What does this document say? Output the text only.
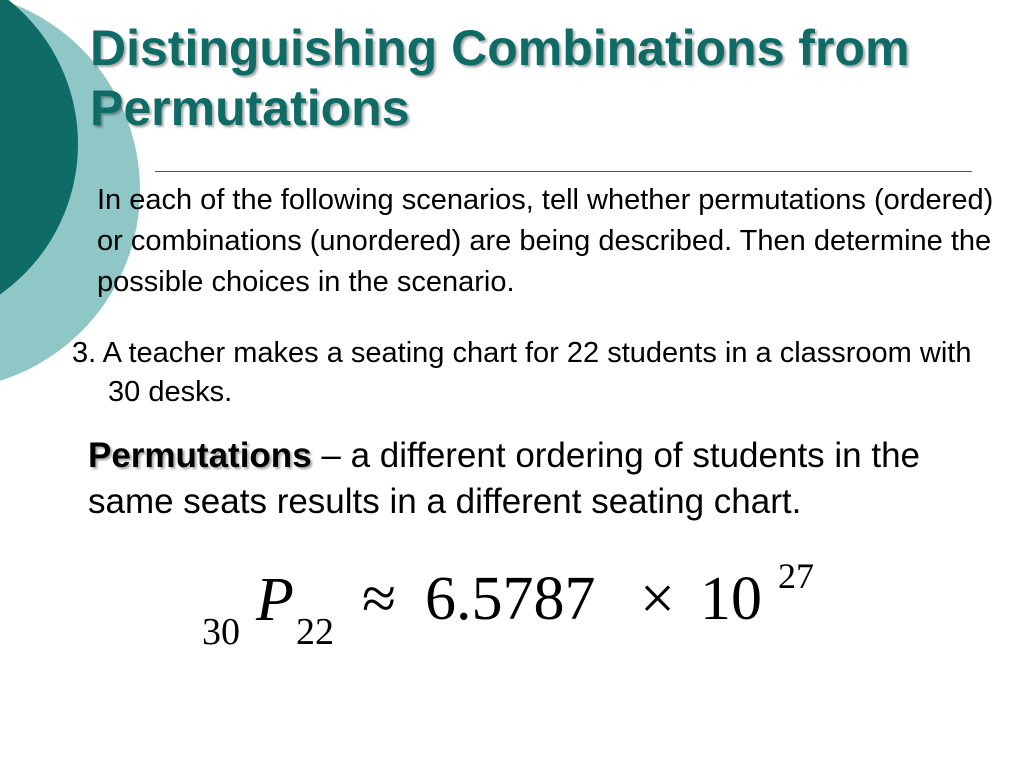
Distinguishing Combinations from Permutations

In each of the following scenarios, tell whether permutations (ordered) or combinations (unordered) are being described. Then determine the possible choices in the scenario.

3. A teacher makes a seating chart for 22 students in a classroom with 30 desks.

Permutations – a different ordering of students in the same seats results in a different seating chart.

30 P 22 ≈ 6.5787 × 10 27
